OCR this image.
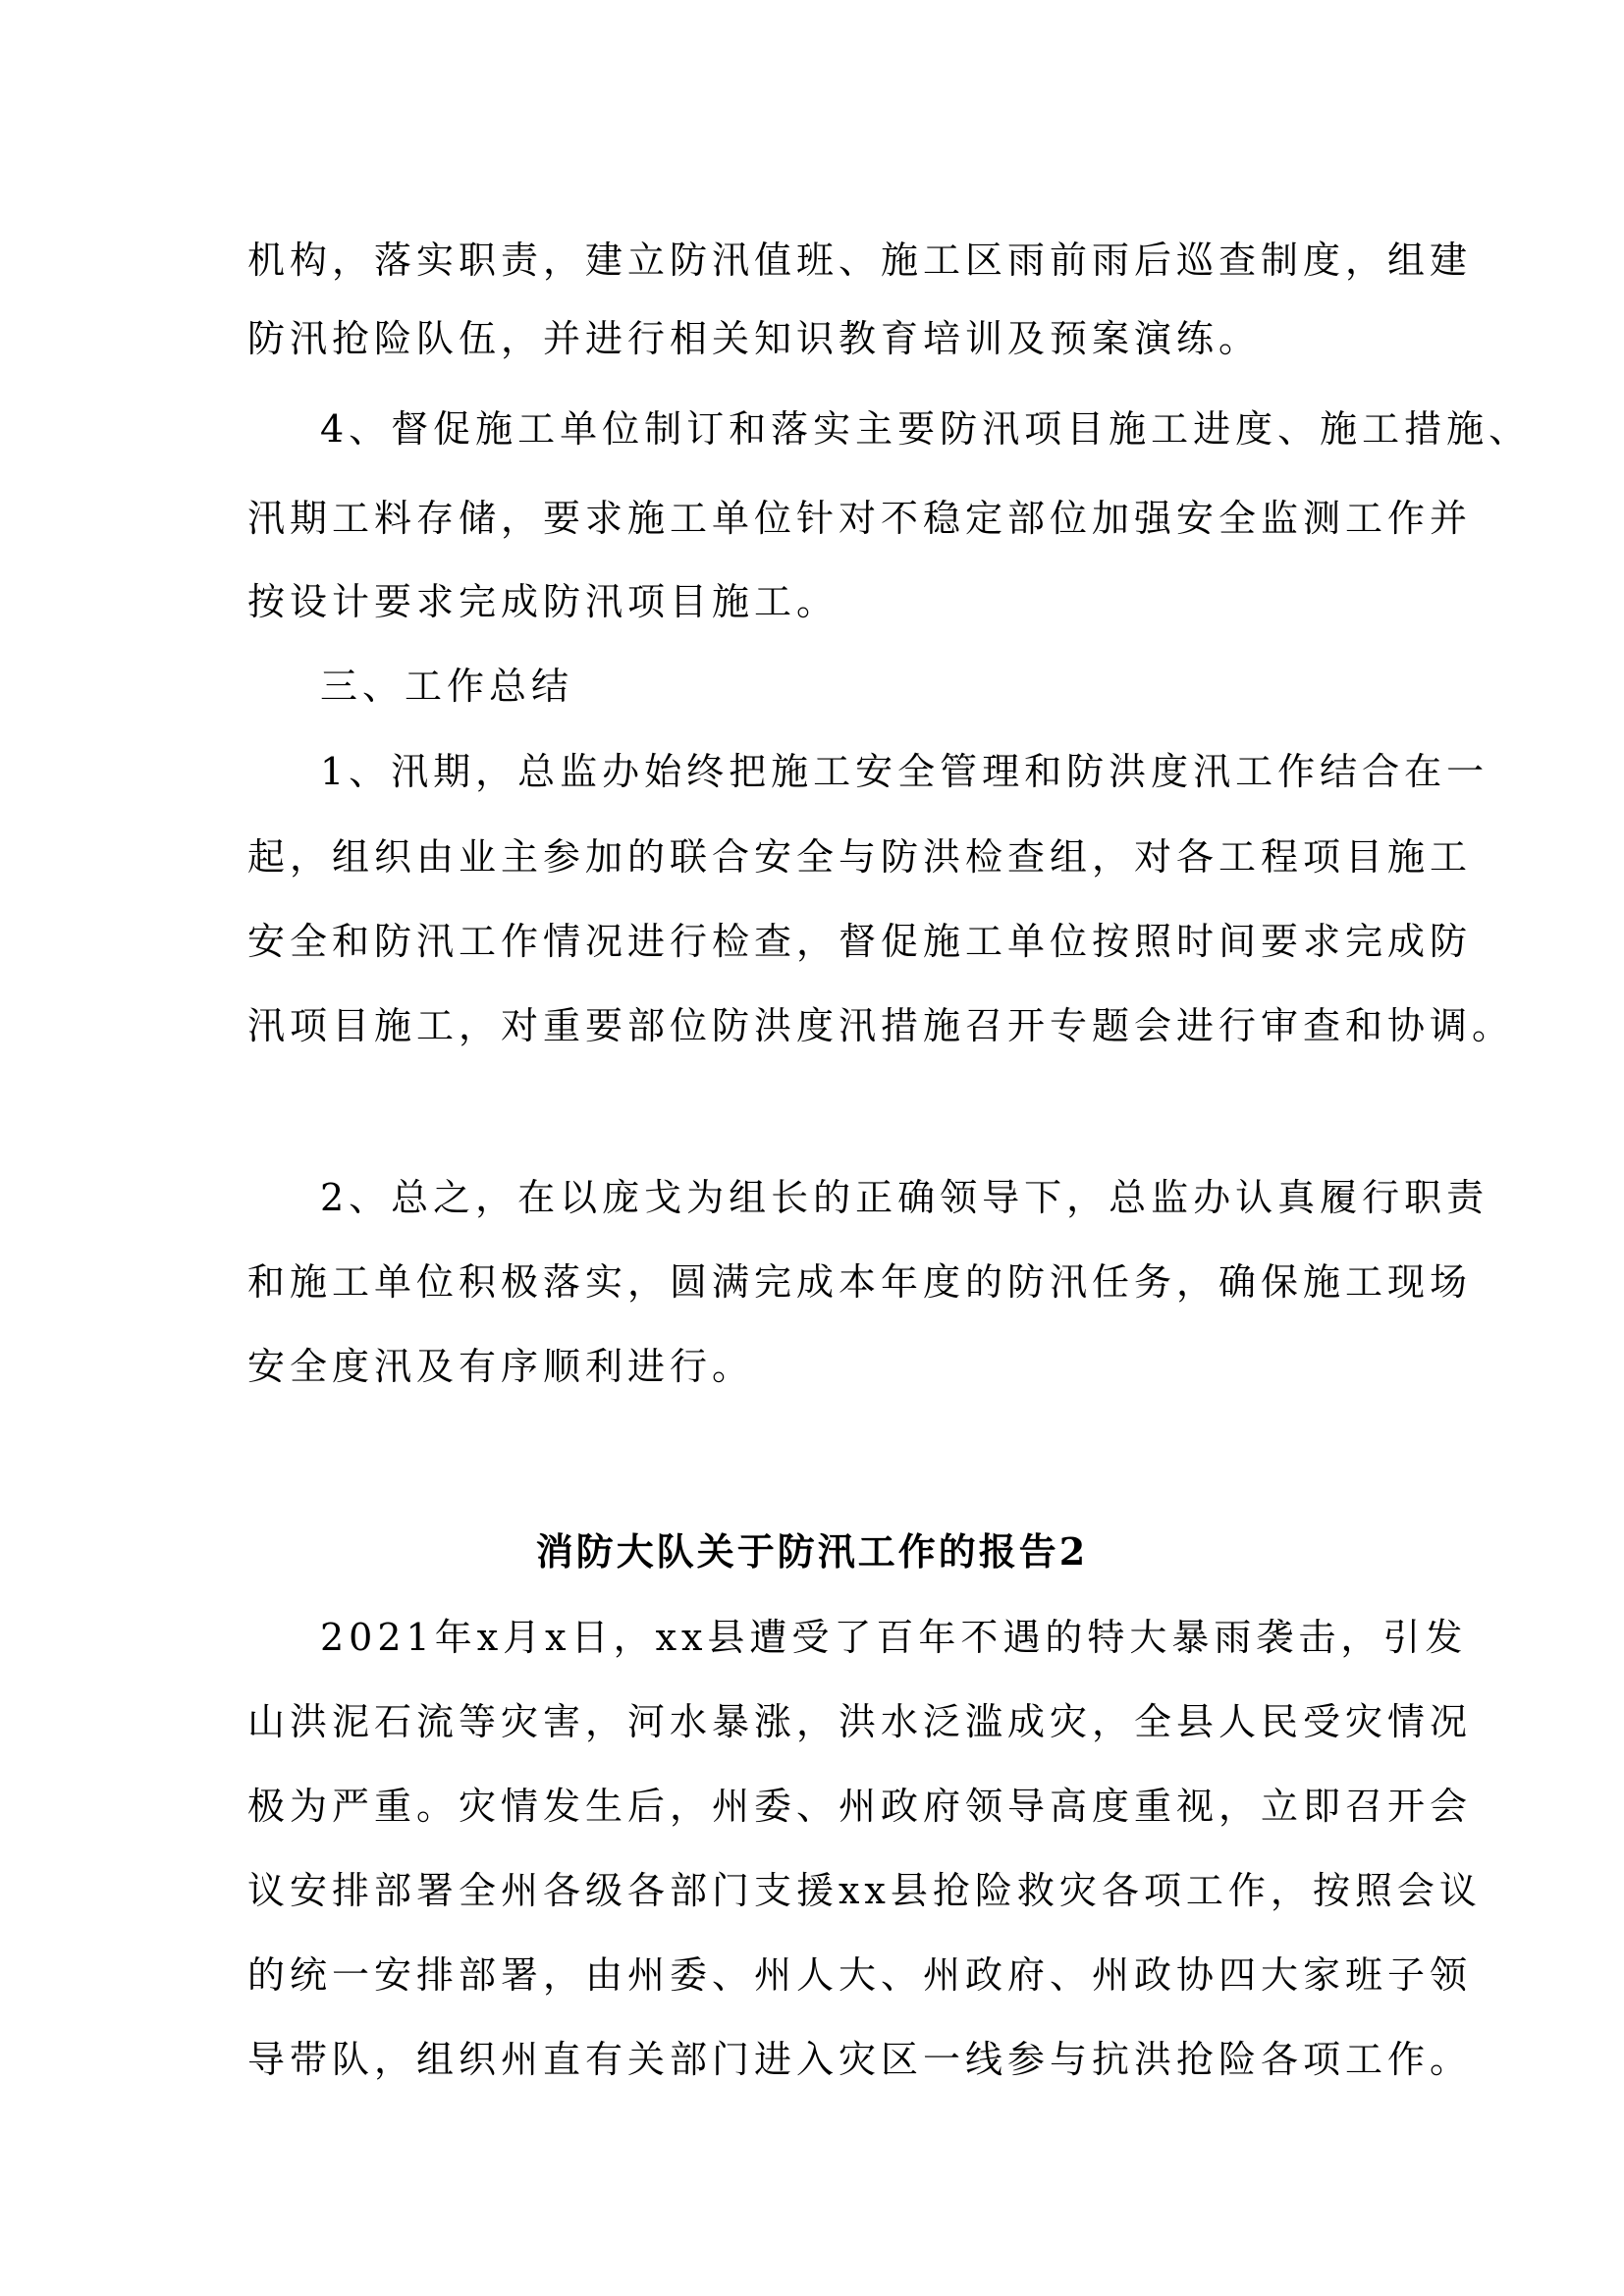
机构，落实职责，建立防汛值班、施工区雨前雨后巡查制度，组建

防汛抢险队伍，并进行相关知识教育培训及预案演练。

4、督促施工单位制订和落实主要防汛项目施工进度、施工措施、

汛期工料存储，要求施工单位针对不稳定部位加强安全监测工作并

按设计要求完成防汛项目施工。

三、工作总结

1、汛期，总监办始终把施工安全管理和防洪度汛工作结合在一

起，组织由业主参加的联合安全与防洪检查组，对各工程项目施工

安全和防汛工作情况进行检查，督促施工单位按照时间要求完成防

汛项目施工，对重要部位防洪度汛措施召开专题会进行审查和协调。

2、总之，在以庞戈为组长的正确领导下，总监办认真履行职责

和施工单位积极落实，圆满完成本年度的防汛任务，确保施工现场

安全度汛及有序顺利进行。

消防大队关于防汛工作的报告2

2021年x月x日，xx县遭受了百年不遇的特大暴雨袭击，引发

山洪泥石流等灾害，河水暴涨，洪水泛滥成灾，全县人民受灾情况

极为严重。灾情发生后，州委、州政府领导高度重视，立即召开会

议安排部署全州各级各部门支援xx县抢险救灾各项工作，按照会议

的统一安排部署，由州委、州人大、州政府、州政协四大家班子领

导带队，组织州直有关部门进入灾区一线参与抗洪抢险各项工作。
